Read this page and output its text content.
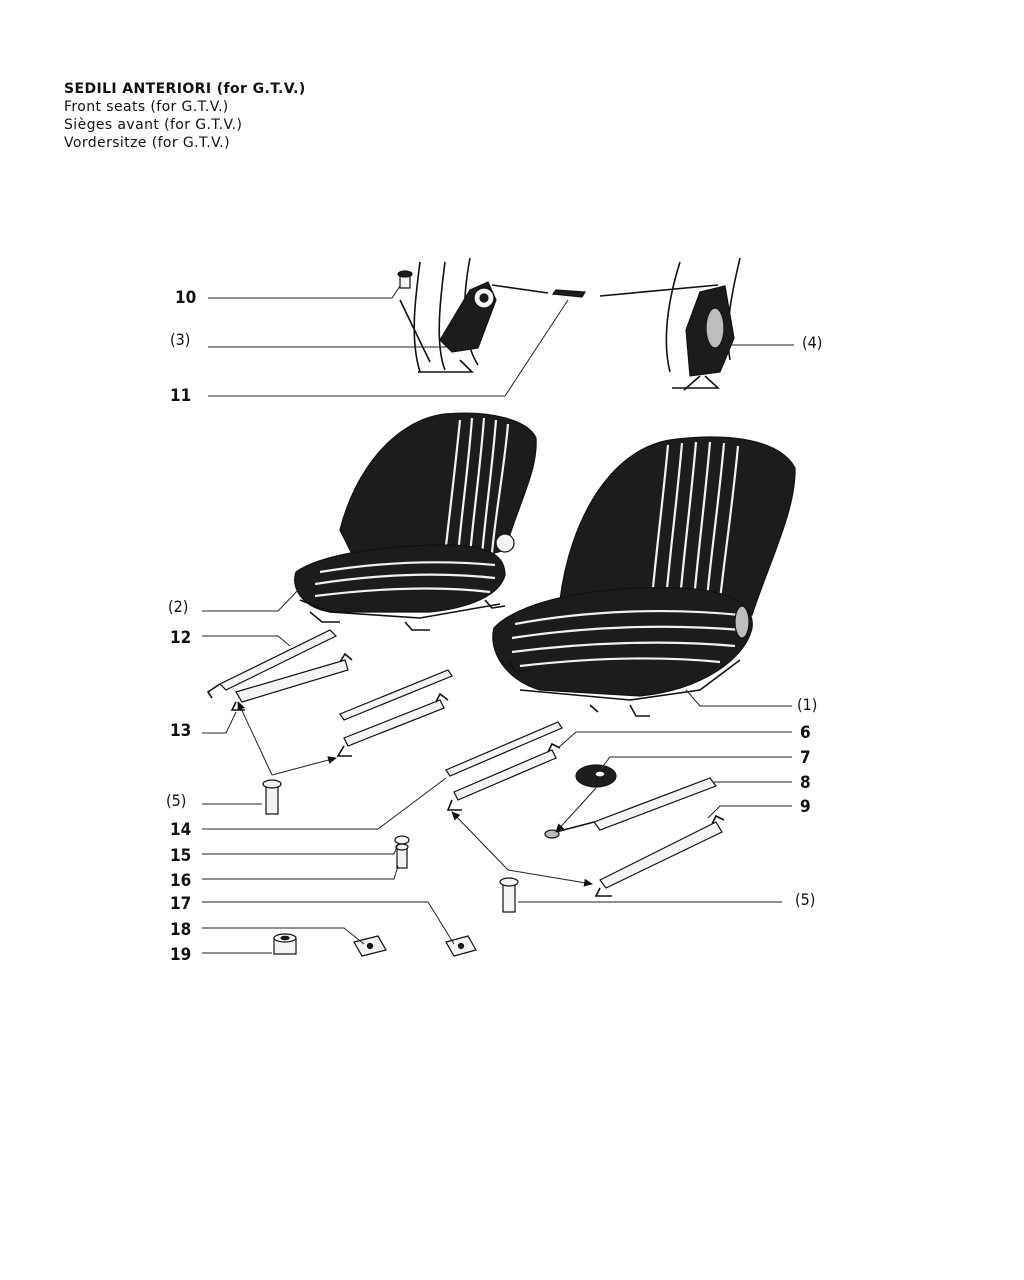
SEDILI ANTERIORI (for G.T.V.)
Front seats (for G.T.V.)
Sièges avant (for G.T.V.)
Vordersitze (for G.T.V.)
10
(3)
11
(4)
(2)
12
13
(5)
14
15
16
17
18
19
(1)
6
7
8
9
(5)
